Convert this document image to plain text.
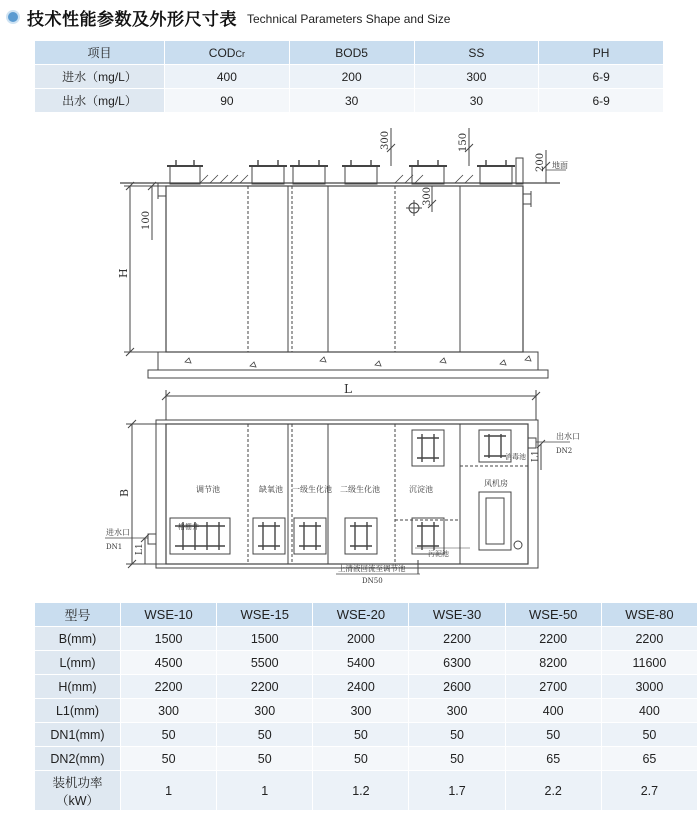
技术性能参数及外形尺寸表 Technical Parameters Shape and Size
项目	CODCr	BOD5	SS	PH
进水（mg/L）	400	200	300	6-9
出水（mg/L）	90	30	30	6-9
300	150
200
300
100
H
地面
L
B
L1
L1
调节池	缺氧池 一级生化池 二级生化池	沉淀池
风机房
格栅井
消毒池
污泥池
出水口
DN2
进水口
DN1
上清液回流至调节池
DN50
型号	WSE-10	WSE-15	WSE-20	WSE-30	WSE-50	WSE-80
B(mm)	1500	1500	2000	2200	2200	2200
L(mm)	4500	5500	5400	6300	8200	11600
H(mm)	2200	2200	2400	2600	2700	3000
L1(mm)	300	300	300	300	400	400
DN1(mm)	50	50	50	50	50	50
DN2(mm)	50	50	50	50	65	65

装机功率
（kW）	1	1	1.2	1.7	2.2	2.7
